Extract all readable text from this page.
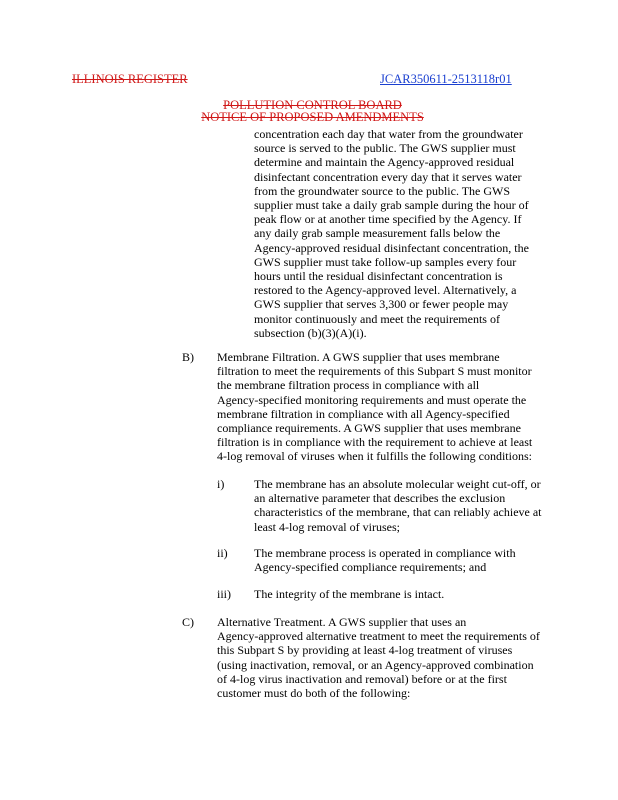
ILLINOIS REGISTER	JCAR350611-2513118r01
POLLUTION CONTROL BOARD
NOTICE OF PROPOSED AMENDMENTS
concentration each day that water from the groundwater
source is served to the public. The GWS supplier must
determine and maintain the Agency-approved residual
disinfectant concentration every day that it serves water
from the groundwater source to the public. The GWS
supplier must take a daily grab sample during the hour of
peak flow or at another time specified by the Agency. If
any daily grab sample measurement falls below the
Agency-approved residual disinfectant concentration, the
GWS supplier must take follow-up samples every four
hours until the residual disinfectant concentration is
restored to the Agency-approved level. Alternatively, a
GWS supplier that serves 3,300 or fewer people may
monitor continuously and meet the requirements of
subsection (b)(3)(A)(i).
B) Membrane Filtration. A GWS supplier that uses membrane
filtration to meet the requirements of this Subpart S must monitor
the membrane filtration process in compliance with all
Agency-specified monitoring requirements and must operate the
membrane filtration in compliance with all Agency-specified
compliance requirements. A GWS supplier that uses membrane
filtration is in compliance with the requirement to achieve at least
4-log removal of viruses when it fulfills the following conditions:
i) The membrane has an absolute molecular weight cut-off, or
an alternative parameter that describes the exclusion
characteristics of the membrane, that can reliably achieve at
least 4-log removal of viruses;
ii) The membrane process is operated in compliance with
Agency-specified compliance requirements; and
iii) The integrity of the membrane is intact.
C) Alternative Treatment. A GWS supplier that uses an
Agency-approved alternative treatment to meet the requirements of
this Subpart S by providing at least 4-log treatment of viruses
(using inactivation, removal, or an Agency-approved combination
of 4-log virus inactivation and removal) before or at the first
customer must do both of the following:
